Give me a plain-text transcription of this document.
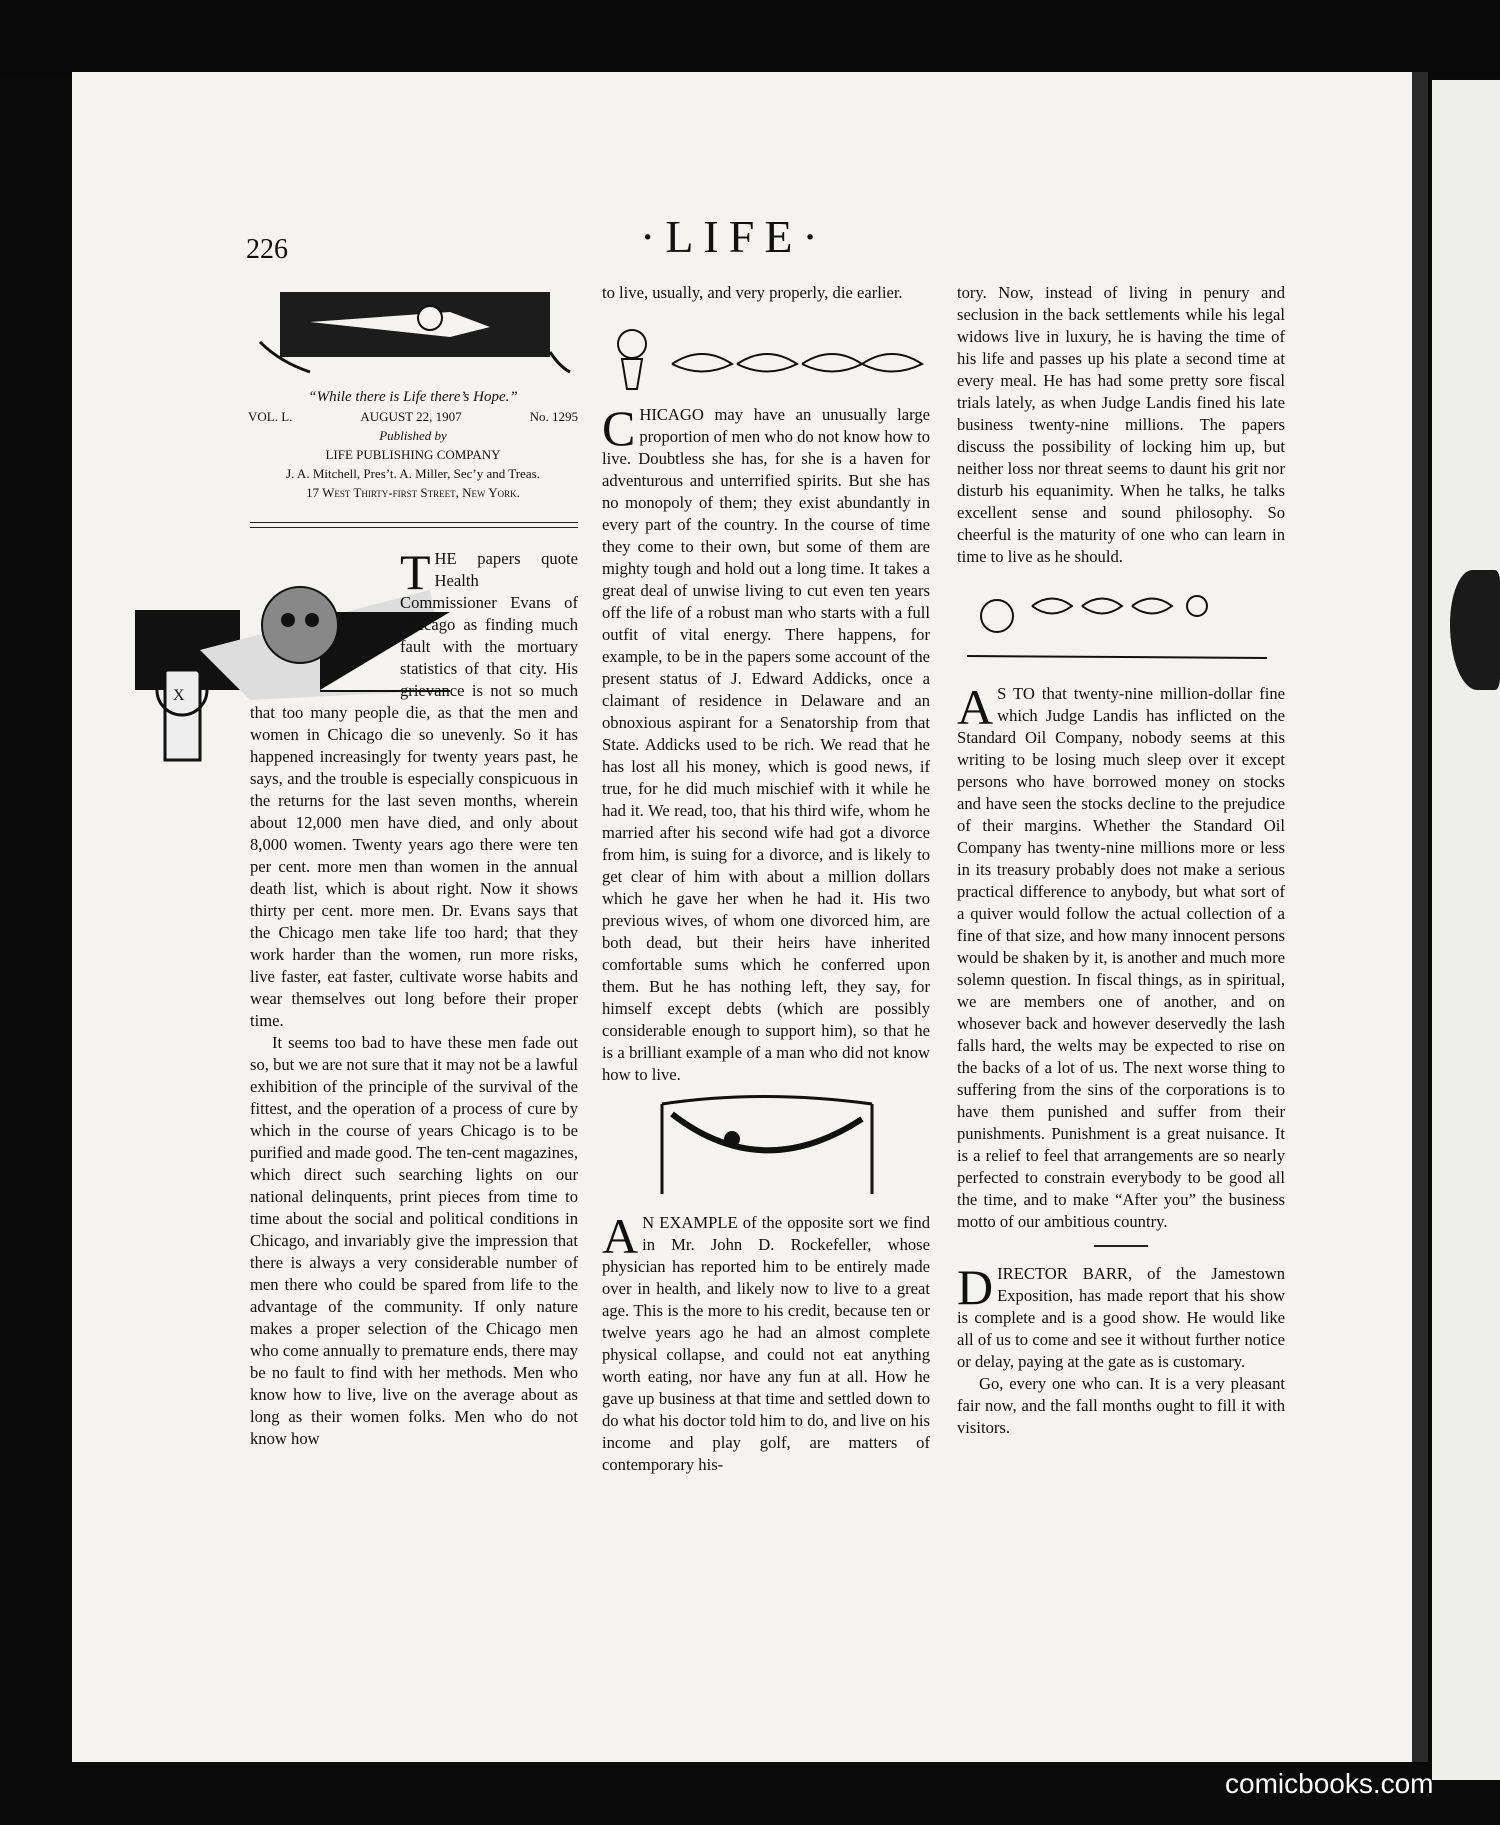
226	·LIFE·
“While there is Life there’s Hope.”
VOL. L.	AUGUST 22, 1907	No. 1295
Published by
LIFE PUBLISHING COMPANY
J. A. Mitchell, Pres’t. A. Miller, Sec’y and Treas.
17 West Thirty-first Street, New York.
X
T HE papers quote Health Commissioner Evans of Chicago as finding much fault with the mortuary statistics of that city. His grievance is not so much that too many people die, as that the men and women in Chicago die so unevenly. So it has happened increasingly for twenty years past, he says, and the trouble is especially conspicuous in the returns for the last seven months, wherein about 12,000 men have died, and only about 8,000 women. Twenty years ago there were ten per cent. more men than women in the annual death list, which is about right. Now it shows thirty per cent. more men. Dr. Evans says that the Chicago men take life too hard; that they work harder than the women, run more risks, live faster, eat faster, cultivate worse habits and wear themselves out long before their proper time.

It seems too bad to have these men fade out so, but we are not sure that it may not be a lawful exhibition of the principle of the survival of the fittest, and the operation of a process of cure by which in the course of years Chicago is to be purified and made good. The ten-cent magazines, which direct such searching lights on our national delinquents, print pieces from time to time about the social and political conditions in Chicago, and invariably give the impression that there is always a very considerable number of men there who could be spared from life to the advantage of the community. If only nature makes a proper selection of the Chicago men who come annually to premature ends, there may be no fault to find with her methods. Men who know how to live, live on the average about as long as their women folks. Men who do not know how

to live, usually, and very properly, die earlier.

C HICAGO may have an unusually large proportion of men who do not know how to live. Doubtless she has, for she is a haven for adventurous and unterrified spirits. But she has no monopoly of them; they exist abundantly in every part of the country. In the course of time they come to their own, but some of them are mighty tough and hold out a long time. It takes a great deal of unwise living to cut even ten years off the life of a robust man who starts with a full outfit of vital energy. There happens, for example, to be in the papers some account of the present status of J. Edward Addicks, once a claimant of residence in Delaware and an obnoxious aspirant for a Senatorship from that State. Addicks used to be rich. We read that he has lost all his money, which is good news, if true, for he did much mischief with it while he had it. We read, too, that his third wife, whom he married after his second wife had got a divorce from him, is suing for a divorce, and is likely to get clear of him with about a million dollars which he gave her when he had it. His two previous wives, of whom one divorced him, are both dead, but their heirs have inherited comfortable sums which he conferred upon them. But he has nothing left, they say, for himself except debts (which are possibly considerable enough to support him), so that he is a brilliant example of a man who did not know how to live.

A N EXAMPLE of the opposite sort we find in Mr. John D. Rockefeller, whose physician has reported him to be entirely made over in health, and likely now to live to a great age. This is the more to his credit, because ten or twelve years ago he had an almost complete physical collapse, and could not eat anything worth eating, nor have any fun at all. How he gave up business at that time and settled down to do what his doctor told him to do, and live on his income and play golf, are matters of contemporary his-

tory. Now, instead of living in penury and seclusion in the back settlements while his legal widows live in luxury, he is having the time of his life and passes up his plate a second time at every meal. He has had some pretty sore fiscal trials lately, as when Judge Landis fined his late business twenty-nine millions. The papers discuss the possibility of locking him up, but neither loss nor threat seems to daunt his grit nor disturb his equanimity. When he talks, he talks excellent sense and sound philosophy. So cheerful is the maturity of one who can learn in time to live as he should.

A S TO that twenty-nine million-dollar fine which Judge Landis has inflicted on the Standard Oil Company, nobody seems at this writing to be losing much sleep over it except persons who have borrowed money on stocks and have seen the stocks decline to the prejudice of their margins. Whether the Standard Oil Company has twenty-nine millions more or less in its treasury probably does not make a serious practical difference to anybody, but what sort of a quiver would follow the actual collection of a fine of that size, and how many innocent persons would be shaken by it, is another and much more solemn question. In fiscal things, as in spiritual, we are members one of another, and on whosever back and however deservedly the lash falls hard, the welts may be expected to rise on the backs of a lot of us. The next worse thing to suffering from the sins of the corporations is to have them punished and suffer from their punishments. Punishment is a great nuisance. It is a relief to feel that arrangements are so nearly perfected to constrain everybody to be good all the time, and to make “After you” the business motto of our ambitious country.

D IRECTOR BARR, of the Jamestown Exposition, has made report that his show is complete and is a good show. He would like all of us to come and see it without further notice or delay, paying at the gate as is customary.

Go, every one who can. It is a very pleasant fair now, and the fall months ought to fill it with visitors.

comicbooks.com
